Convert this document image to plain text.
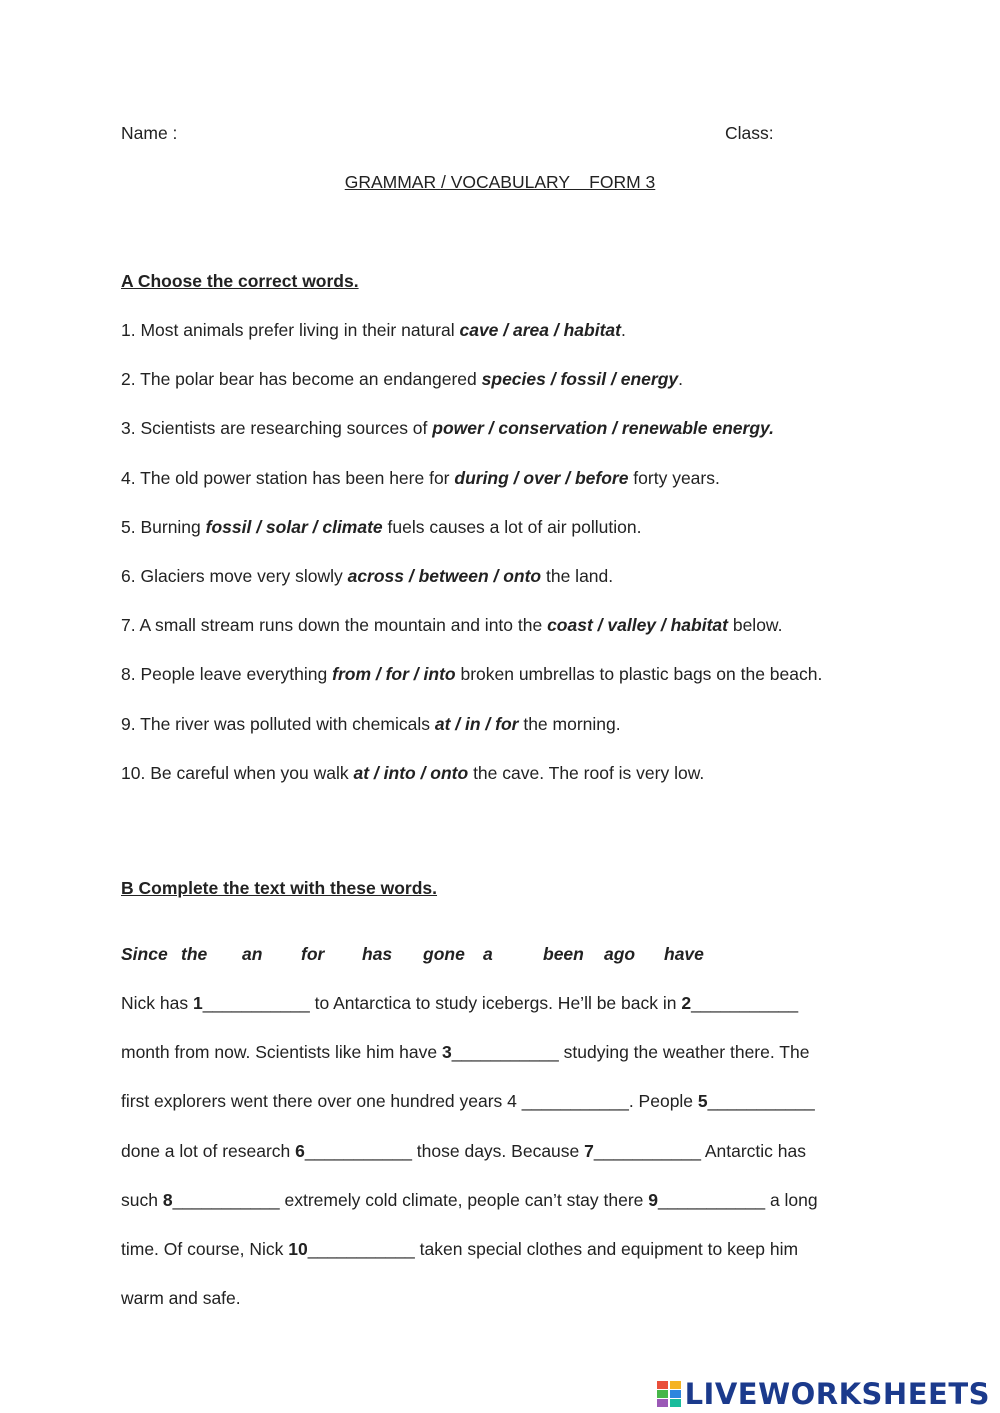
Name :	Class:
GRAMMAR / VOCABULARY    FORM 3
A Choose the correct words.
1. Most animals prefer living in their natural cave / area / habitat.
2. The polar bear has become an endangered species / fossil / energy.
3. Scientists are researching sources of power / conservation / renewable energy.
4. The old power station has been here for during / over / before forty years.
5. Burning fossil / solar / climate fuels causes a lot of air pollution.
6. Glaciers move very slowly across / between / onto the land.
7. A small stream runs down the mountain and into the coast / valley / habitat below.
8. People leave everything from / for / into broken umbrellas to plastic bags on the beach.
9. The river was polluted with chemicals at / in / for the morning.
10. Be careful when you walk at / into / onto the cave. The roof is very low.
B Complete the text with these words.
Since the an for has gone a	been ago have
Nick has 1___________ to Antarctica to study icebergs. He’ll be back in 2___________
month from now. Scientists like him have 3___________ studying the weather there. The
first explorers went there over one hundred years 4 ___________. People 5___________
done a lot of research 6___________ those days. Because 7___________ Antarctic has
such 8___________ extremely cold climate, people can’t stay there 9___________ a long
time. Of course, Nick 10___________ taken special clothes and equipment to keep him
warm and safe.
LIVEWORKSHEETS
